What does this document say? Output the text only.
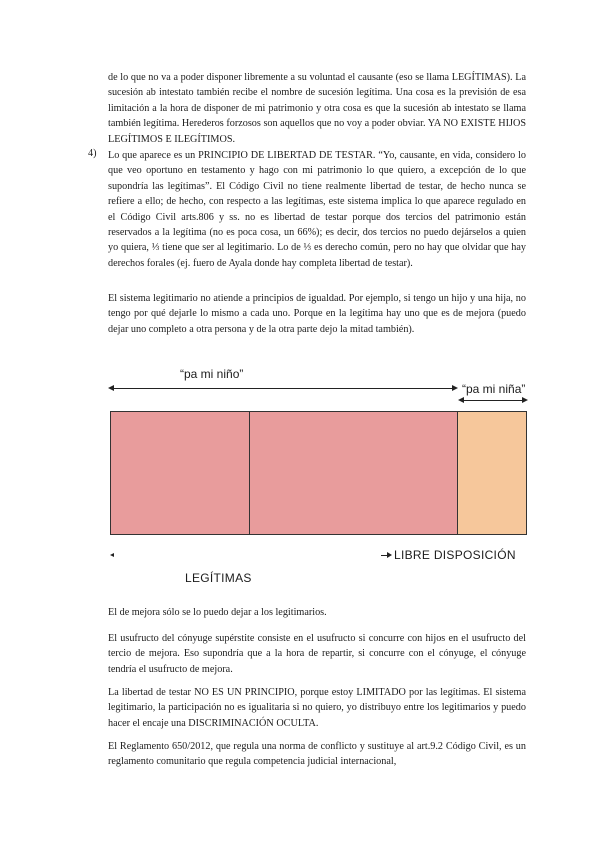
de lo que no va a poder disponer libremente a su voluntad el causante (eso se llama LEGÍTIMAS). La sucesión ab intestato también recibe el nombre de sucesión legítima. Una cosa es la previsión de esa limitación a la hora de disponer de mi patrimonio y otra cosa es que la sucesión ab intestato se llama también legítima. Herederos forzosos son aquellos que no voy a poder obviar. YA NO EXISTE HIJOS LEGÍTIMOS E ILEGÍTIMOS.

4) Lo que aparece es un PRINCIPIO DE LIBERTAD DE TESTAR. “Yo, causante, en vida, considero lo que veo oportuno en testamento y hago con mi patrimonio lo que quiero, a excepción de lo que supondría las legítimas”. El Código Civil no tiene realmente libertad de testar, de hecho nunca se refiere a ello; de hecho, con respecto a las legítimas, este sistema implica lo que aparece regulado en el Código Civil arts.806 y ss. no es libertad de testar porque dos tercios del patrimonio están reservados a la legítima (no es poca cosa, un 66%); es decir, dos tercios no puedo dejárselos a quien yo quiera, ⅓ tiene que ser al legitimario. Lo de ⅓ es derecho común, pero no hay que olvidar que hay derechos forales (ej. fuero de Ayala donde hay completa libertad de testar).

El sistema legitimario no atiende a principios de igualdad. Por ejemplo, si tengo un hijo y una hija, no tengo por qué dejarle lo mismo a cada uno. Porque en la legítima hay uno que es de mejora (puedo dejar uno completo a otra persona y de la otra parte dejo la mitad también).

“pa mi niño”
“pa mi niña”
LIBRE DISPOSICIÓN
LEGÍTIMAS

El de mejora sólo se lo puedo dejar a los legitimarios.

El usufructo del cónyuge supérstite consiste en el usufructo si concurre con hijos en el usufructo del tercio de mejora. Eso supondría que a la hora de repartir, si concurre con el cónyuge, el cónyuge tendría el usufructo de mejora.

La libertad de testar NO ES UN PRINCIPIO, porque estoy LIMITADO por las legítimas. El sistema legitimario, la participación no es igualitaria si no quiero, yo distribuyo entre los legitimarios y puedo hacer el encaje una DISCRIMINACIÓN OCULTA.

El Reglamento 650/2012, que regula una norma de conflicto y sustituye al art.9.2 Código Civil, es un reglamento comunitario que regula competencia judicial internacional,
